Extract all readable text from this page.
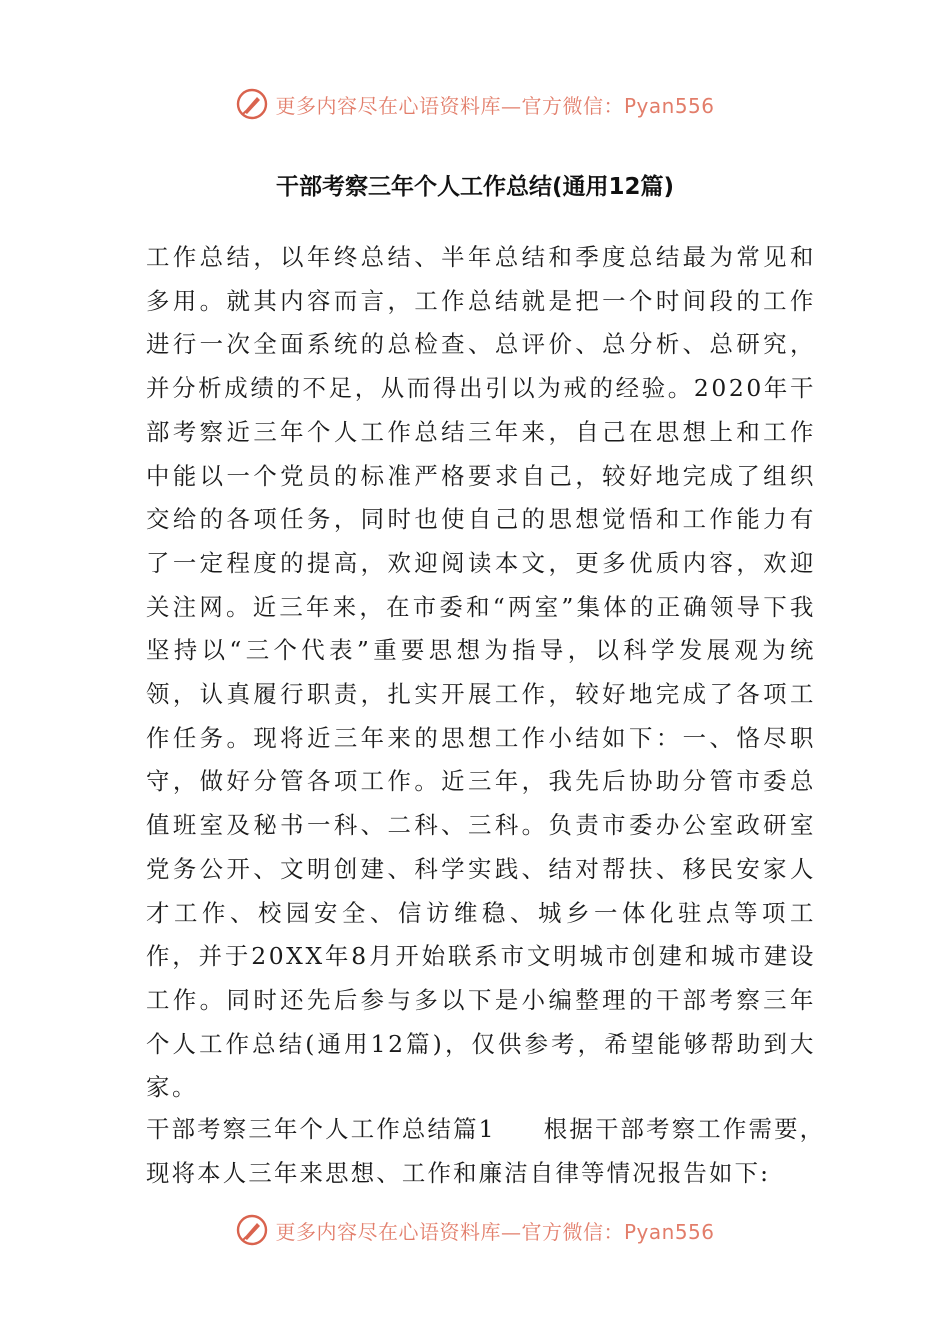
更多内容尽在心语资料库—官方微信：Pyan556
干部考察三年个人工作总结(通用12篇)

工作总结，以年终总结、半年总结和季度总结最为常见和多用。就其内容而言，工作总结就是把一个时间段的工作进行一次全面系统的总检查、总评价、总分析、总研究，并分析成绩的不足，从而得出引以为戒的经验。2020年干部考察近三年个人工作总结三年来，自己在思想上和工作中能以一个党员的标准严格要求自己，较好地完成了组织交给的各项任务，同时也使自己的思想觉悟和工作能力有了一定程度的提高，欢迎阅读本文，更多优质内容，欢迎关注网。近三年来，在市委和“两室”集体的正确领导下我坚持以“三个代表”重要思想为指导，以科学发展观为统领，认真履行职责，扎实开展工作，较好地完成了各项工作任务。现将近三年来的思想工作小结如下：一、恪尽职守，做好分管各项工作。近三年，我先后协助分管市委总值班室及秘书一科、二科、三科。负责市委办公室政研室党务公开、文明创建、科学实践、结对帮扶、移民安家人才工作、校园安全、信访维稳、城乡一体化驻点等项工作，并于20XX年8月开始联系市文明城市创建和城市建设工作。同时还先后参与多以下是小编整理的干部考察三年个人工作总结(通用12篇)，仅供参考，希望能够帮助到大家。

干部考察三年个人工作总结篇1 根据干部考察工作需要，现将本人三年来思想、工作和廉洁自律等情况报告如下:
更多内容尽在心语资料库—官方微信：Pyan556
